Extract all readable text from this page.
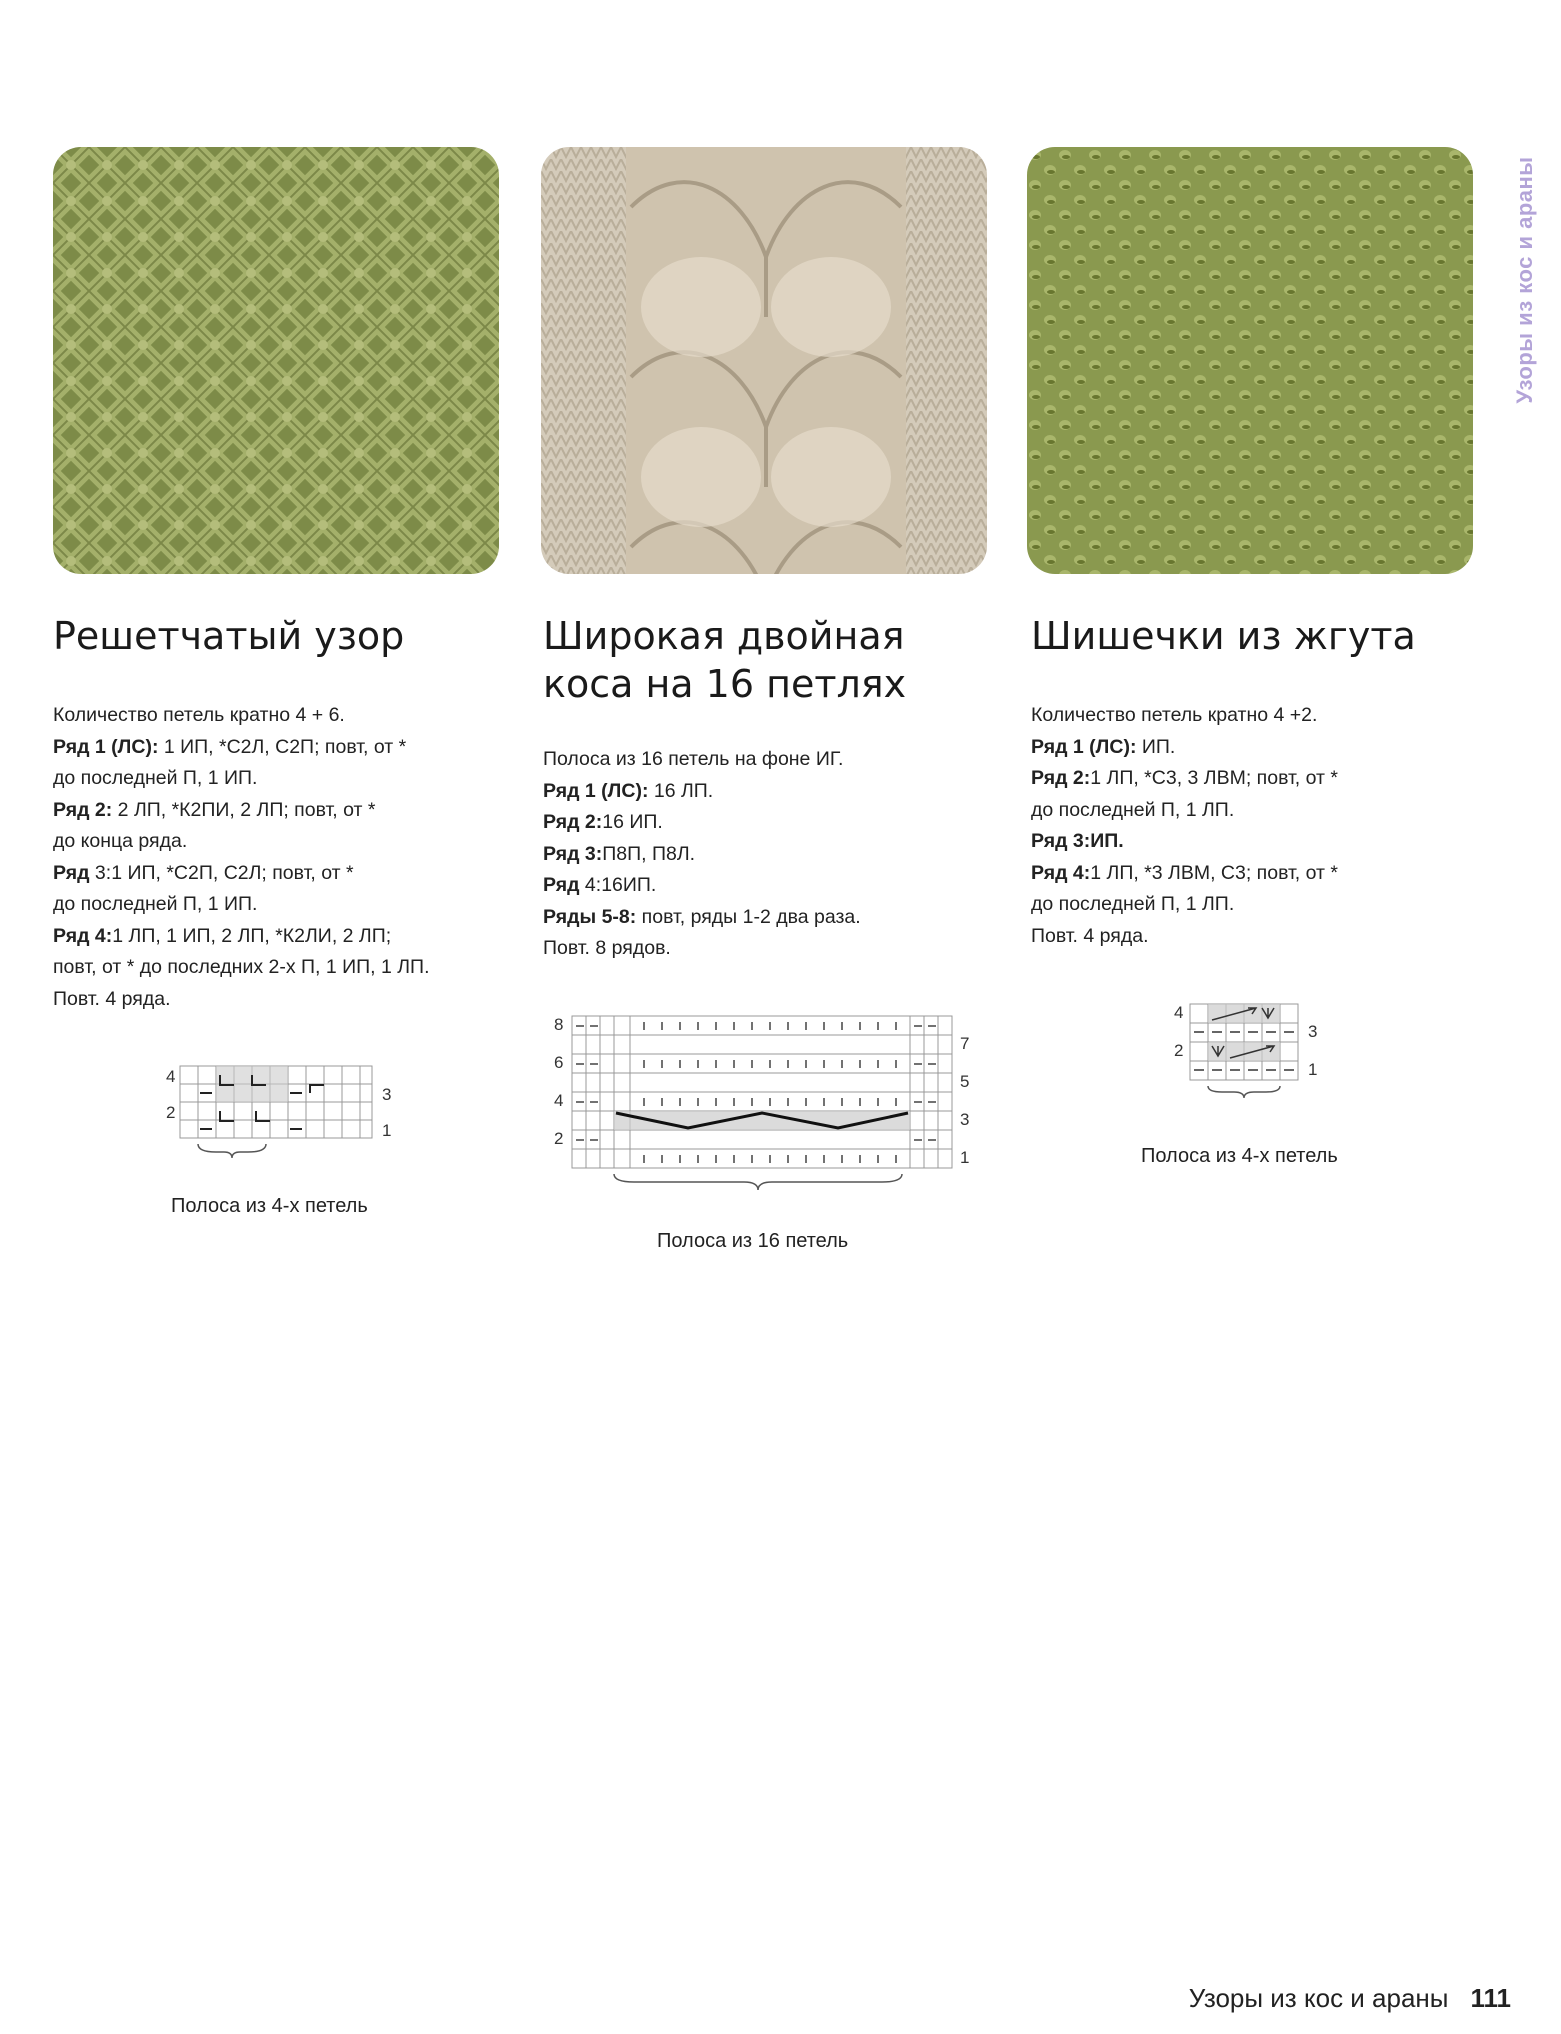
Узоры из кос и араны
Решетчатый узор

Количество петель кратно 4 + 6.

Ряд 1 (ЛС): 1 ИП, *С2Л, С2П; повт, от *

до последней П, 1 ИП.

Ряд 2: 2 ЛП, *К2ПИ, 2 ЛП; повт, от *

до конца ряда.

Ряд 3:1 ИП, *С2П, С2Л; повт, от *

до последней П, 1 ИП.

Ряд 4:1 ЛП, 1 ИП, 2 ЛП, *К2ЛИ, 2 ЛП;

повт, от * до последних 2-х П, 1 ИП, 1 ЛП.

Повт. 4 ряда.

Широкая двойная
коса на 16 петлях

Полоса из 16 петель на фоне ИГ.

Ряд 1 (ЛС): 16 ЛП.

Ряд 2:16 ИП.

Ряд 3:П8П, П8Л.

Ряд 4:16ИП.

Ряды 5-8: повт, ряды 1-2 два раза.

Повт. 8 рядов.

Шишечки из жгута

Количество петель кратно 4 +2.

Ряд 1 (ЛС): ИП.

Ряд 2:1 ЛП, *С3, 3 ЛВМ; повт, от *

до последней П, 1 ЛП.

Ряд 3:ИП.

Ряд 4:1 ЛП, *3 ЛВМ, С3; повт, от *

до последней П, 1 ЛП.

Повт. 4 ряда.

4
2
3
1
Полоса из 4-х петель
8
6
4
2
7
5
3
1
Полоса из 16 петель
4
2
3
1
Полоса из 4-х петель
Узоры из кос и араны 111
